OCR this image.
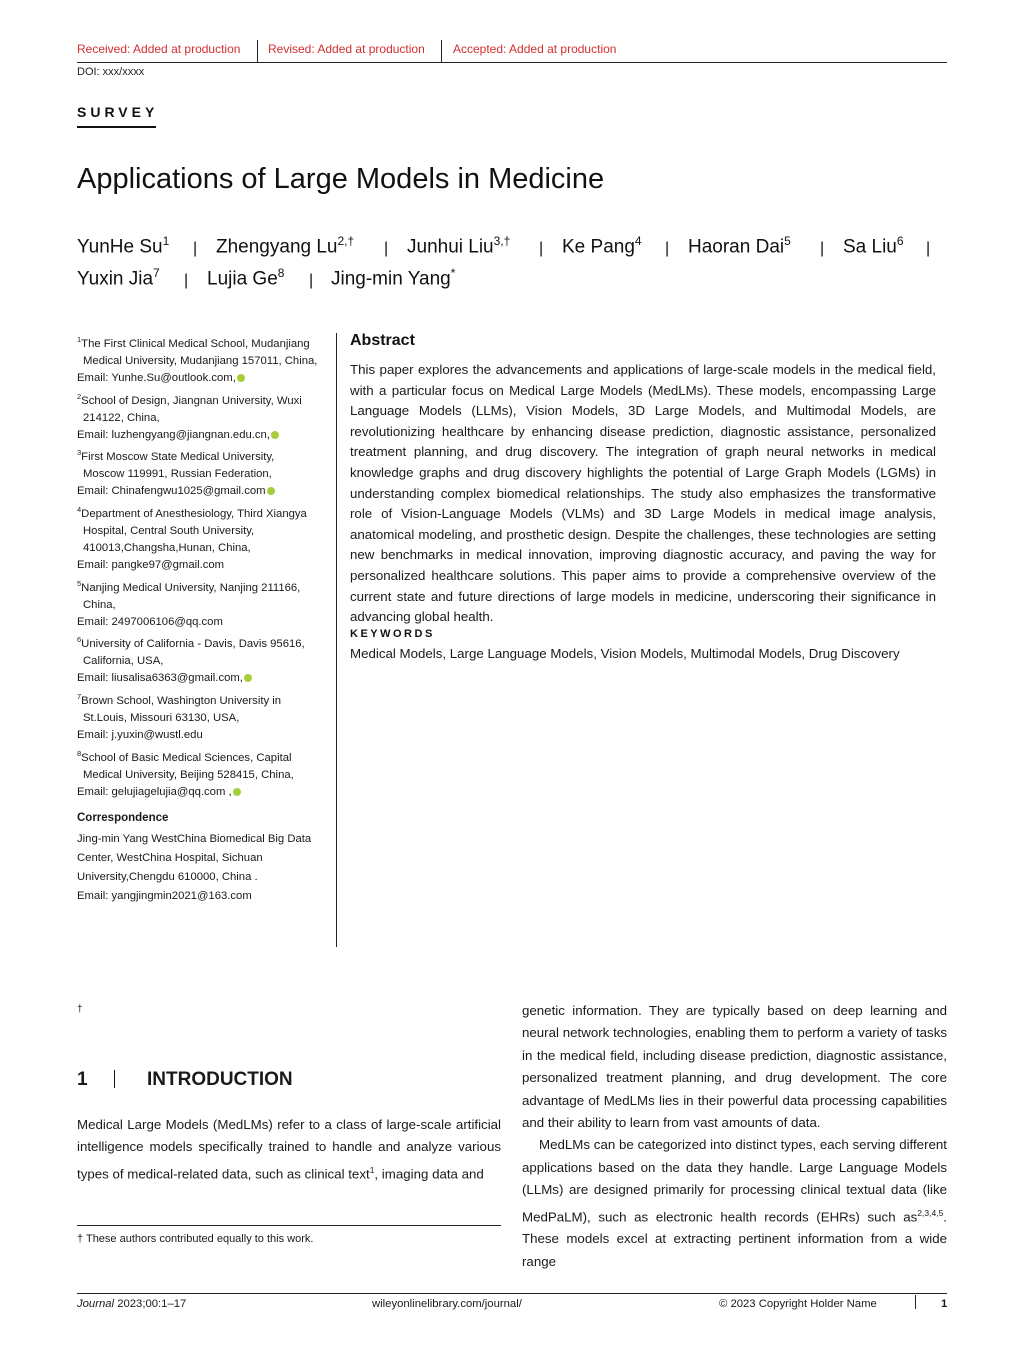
Received: Added at production Revised: Added at production Accepted: Added at production
DOI: xxx/xxxx
SURVEY
Applications of Large Models in Medicine
YunHe Su$^1$ | Zhengyang $Lu^{2,\dagger}$ | Junhui Liu$^{3,\dagger}$ | Ke Pang$^4$ | Haoran Dai$^5$ | Sa Liu$^6$ |
Yuxin Jia$^7$ | Lujia Ge$^8$ | Jing-min Yang*
$^1$The First Clinical Medical School, Mudanjiang
Medical University, Mudanjiang 157011, China,
Email: Yunhe.Su@outlook.com,
$^2$School of Design, Jiangnan University, Wuxi
214122, China,
Email: luzhengyang@jiangnan.edu.cn,
$^3$First Moscow State Medical University,
Moscow 119991, Russian Federation,
Email: Chinafengwu1025@gmail.com
$^4$Department of Anesthesiology, Third Xiangya
Hospital, Central South University,
410013,Changsha,Hunan, China,
Email: pangke97@gmail.com
$^5$Nanjing Medical University, Nanjing 211166,
China,
Email: 2497006106@qq.com
$^6$University of California - Davis, Davis 95616,
California, USA,
Email: liusalisa6363@gmail.com,
$^7$Brown School, Washington University in
St.Louis, Missouri 63130, USA,
Email: j.yuxin@wustl.edu
$^8$School of Basic Medical Sciences, Capital
Medical University, Beijing 528415, China,
Email: gelujiagelujia@qq.com ,
Correspondence
Jing-min Yang WestChina Biomedical Big Data
Center, WestChina Hospital, Sichuan
University,Chengdu 610000, China .
Email: yangjingmin2021@163.com
Abstract
This paper explores the advancements and applications of large-scale models in the medical field, with a particular focus on Medical Large Models (MedLMs). These models, encompassing Large Language Models (LLMs), Vision Models, 3D Large Models, and Multimodal Models, are revolutionizing healthcare by enhancing disease prediction, diagnostic assistance, personalized treatment planning, and drug discovery. The integration of graph neural networks in medical knowledge graphs and drug discovery highlights the potential of Large Graph Models (LGMs) in understanding complex biomedical relationships. The study also emphasizes the transformative role of Vision-Language Models (VLMs) and 3D Large Models in medical image analysis, anatomical modeling, and prosthetic design. Despite the challenges, these technologies are setting new benchmarks in medical innovation, improving diagnostic accuracy, and paving the way for personalized healthcare solutions. This paper aims to provide a comprehensive overview of the current state and future directions of large models in medicine, underscoring their significance in advancing global health.
KEYWORDS
Medical Models, Large Language Models, Vision Models, Multimodal Models, Drug Discovery
†
1	INTRODUCTION
Medical Large Models (MedLMs) refer to a class of large-scale artificial intelligence models specifically trained to handle and analyze various types of medical-related data, such as clinical text$^1$, imaging data and
genetic information. They are typically based on deep learning and neural network technologies, enabling them to perform a variety of tasks in the medical field, including disease prediction, diagnostic assistance, personalized treatment planning, and drug development. The core advantage of MedLMs lies in their powerful data processing capabilities and their ability to learn from vast amounts of data.
MedLMs can be categorized into distinct types, each serving different applications based on the data they handle. Large Language Models (LLMs) are designed primarily for processing clinical textual data (like MedPaLM), such as electronic health records (EHRs) such as$^{2,3,4,5}$. These models excel at extracting pertinent information from a wide range
† These authors contributed equally to this work.
Journal 2023;00:1–17	wileyonlinelibrary.com/journal/	© 2023 Copyright Holder Name	1
